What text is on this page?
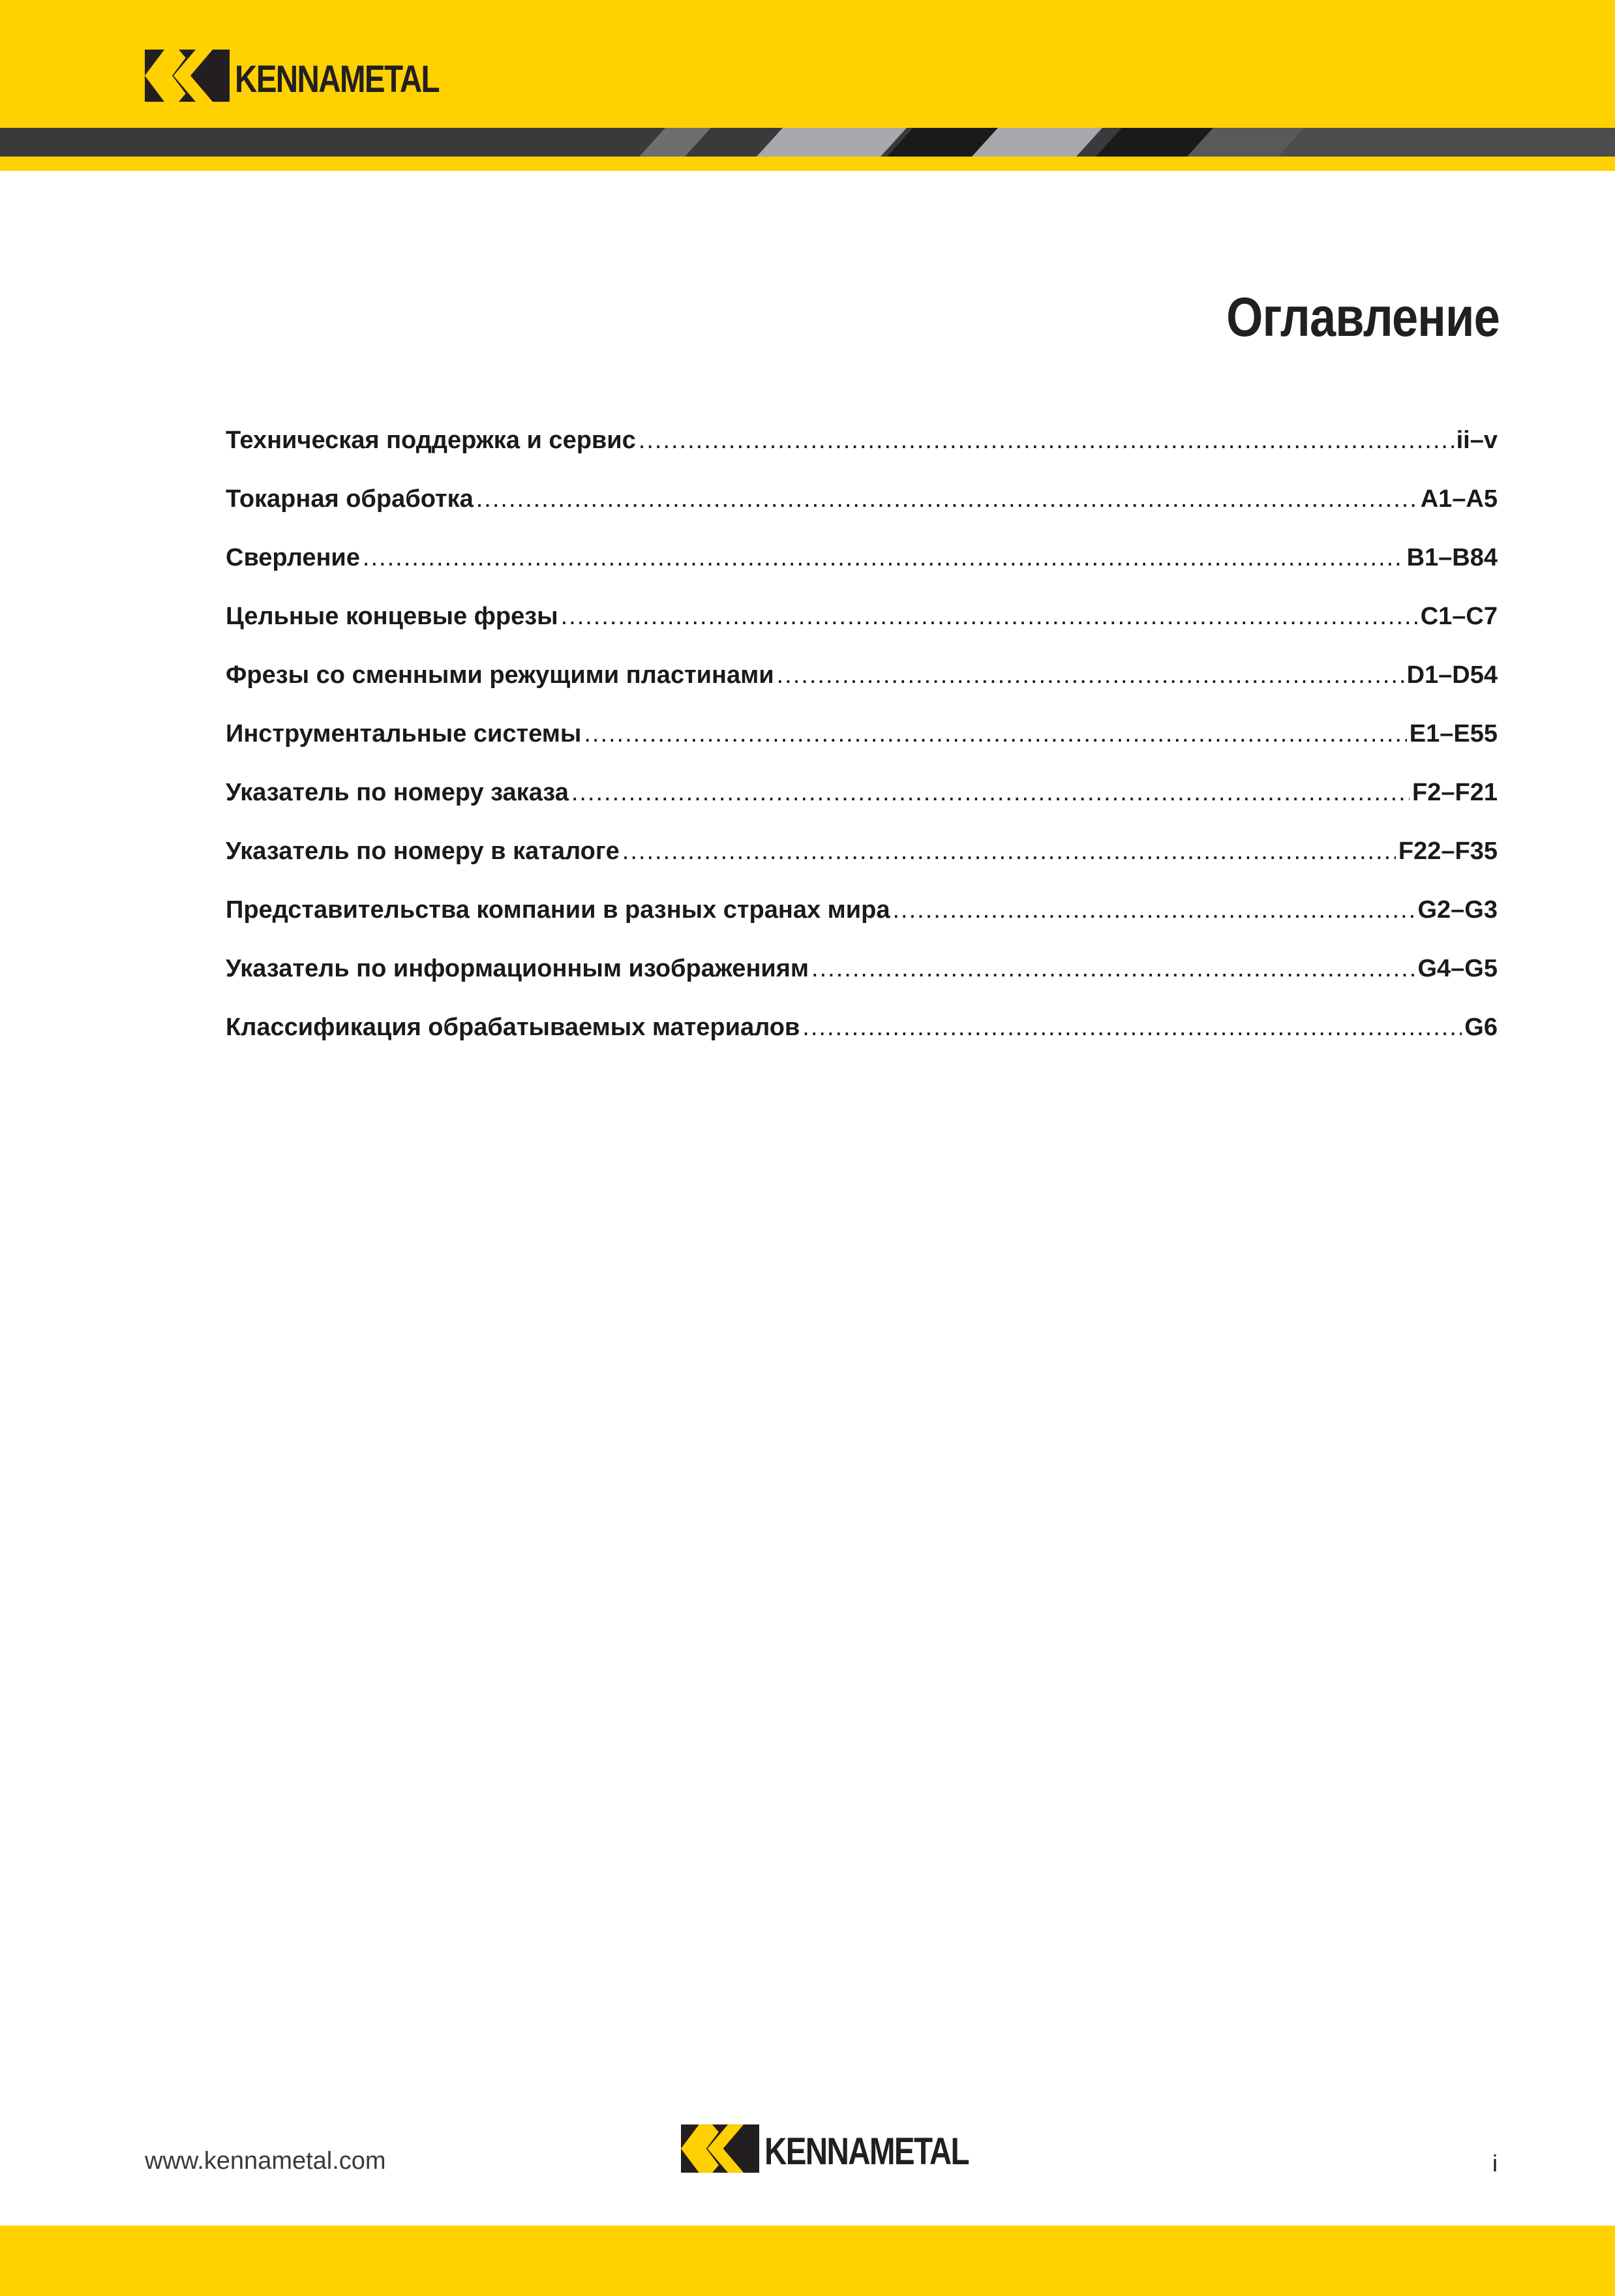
KENNAMETAL
Оглавление
Техническая поддержка и сервис .....	ii–v
Токарная обработка .....	A1–A5
Сверление .....	B1–B84
Цельные концевые фрезы .....	C1–C7
Фрезы со сменными режущими пластинами .....	D1–D54
Инструментальные системы .....	E1–E55
Указатель по номеру заказа .....	F2–F21
Указатель по номеру в каталоге .....	F22–F35
Представительства компании в разных странах мира .....	G2–G3
Указатель по информационным изображениям .....	G4–G5
Классификация обрабатываемых материалов .....	G6
www.kennametal.com	KENNAMETAL	i
